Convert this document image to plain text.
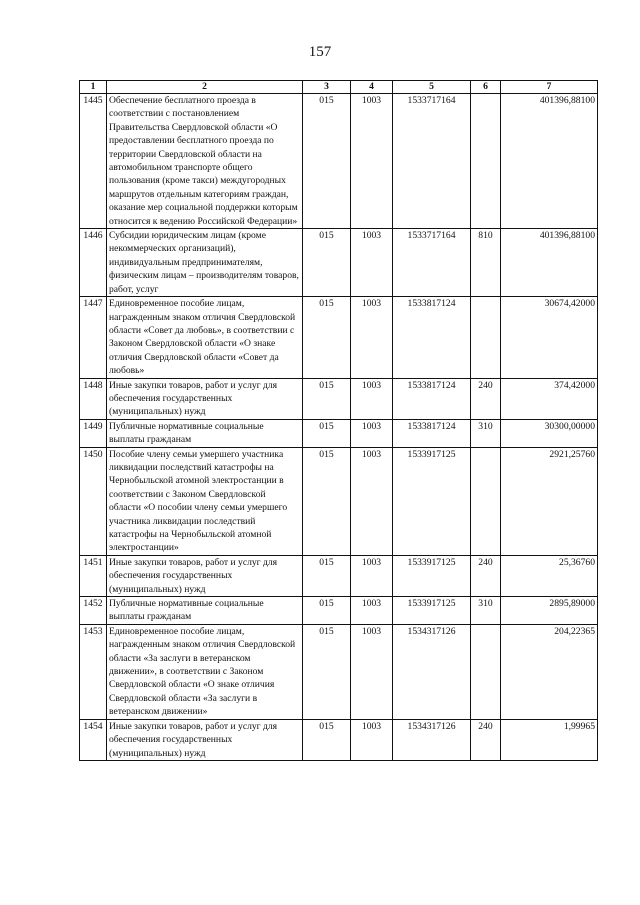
157
1	2	3	4	5	6	7
1445	Обеспечение бесплатного проезда в соответствии с постановлением Правительства Свердловской области «О предоставлении бесплатного проезда по территории Свердловской области на автомобильном транспорте общего пользования (кроме такси) междугородных маршрутов отдельным категориям граждан, оказание мер социальной поддержки которым относится к ведению Российской Федерации»	015	1003	1533717164		401396,88100
1446	Субсидии юридическим лицам (кроме некоммерческих организаций), индивидуальным предпринимателям, физическим лицам – производителям товаров, работ, услуг	015	1003	1533717164	810	401396,88100
1447	Единовременное пособие лицам, награжденным знаком отличия Свердловской области «Совет да любовь», в соответствии с Законом Свердловской области «О знаке отличия Свердловской области «Совет да любовь»	015	1003	1533817124		30674,42000
1448	Иные закупки товаров, работ и услуг для обеспечения государственных (муниципальных) нужд	015	1003	1533817124	240	374,42000
1449	Публичные нормативные социальные выплаты гражданам	015	1003	1533817124	310	30300,00000
1450	Пособие члену семьи умершего участника ликвидации последствий катастрофы на Чернобыльской атомной электростанции в соответствии с Законом Свердловской области «О пособии члену семьи умершего участника ликвидации последствий катастрофы на Чернобыльской атомной электростанции»	015	1003	1533917125		2921,25760
1451	Иные закупки товаров, работ и услуг для обеспечения государственных (муниципальных) нужд	015	1003	1533917125	240	25,36760
1452	Публичные нормативные социальные выплаты гражданам	015	1003	1533917125	310	2895,89000
1453	Единовременное пособие лицам, награжденным знаком отличия Свердловской области «За заслуги в ветеранском движении», в соответствии с Законом Свердловской области «О знаке отличия Свердловской области «За заслуги в ветеранском движении»	015	1003	1534317126		204,22365
1454	Иные закупки товаров, работ и услуг для обеспечения государственных (муниципальных) нужд	015	1003	1534317126	240	1,99965
